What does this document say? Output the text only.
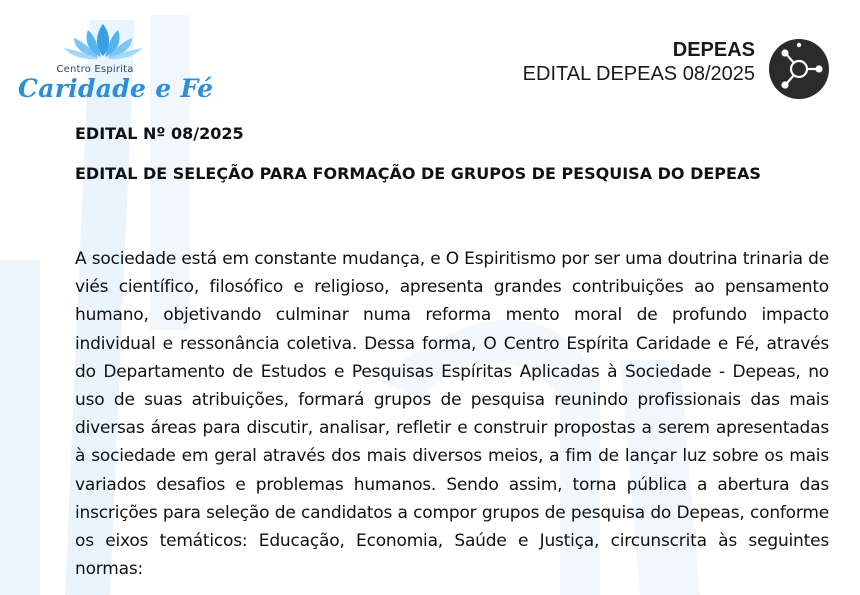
Centro Espirita
Caridade e Fé
DEPEAS
EDITAL DEPEAS 08/2025
EDITAL Nº 08/2025
EDITAL DE SELEÇÃO PARA FORMAÇÃO DE GRUPOS DE PESQUISA DO DEPEAS
A sociedade está em constante mudança, e O Espiritismo por ser uma doutrina trinaria de viés científico, filosófico e religioso, apresenta grandes contribuições ao pensamento humano, objetivando culminar numa reforma mento moral de profundo impacto individual e ressonância coletiva. Dessa forma, O Centro Espírita Caridade e Fé, através do Departamento de Estudos e Pesquisas Espíritas Aplicadas à Sociedade - Depeas, no uso de suas atribuições, formará grupos de pesquisa reunindo profissionais das mais diversas áreas para discutir, analisar, refletir e construir propostas a serem apresentadas à sociedade em geral através dos mais diversos meios, a fim de lançar luz sobre os mais variados desafios e problemas humanos. Sendo assim, torna pública a abertura das inscrições para seleção de candidatos a compor grupos de pesquisa do Depeas, conforme os eixos temáticos: Educação, Economia, Saúde e Justiça, circunscrita às seguintes normas:
